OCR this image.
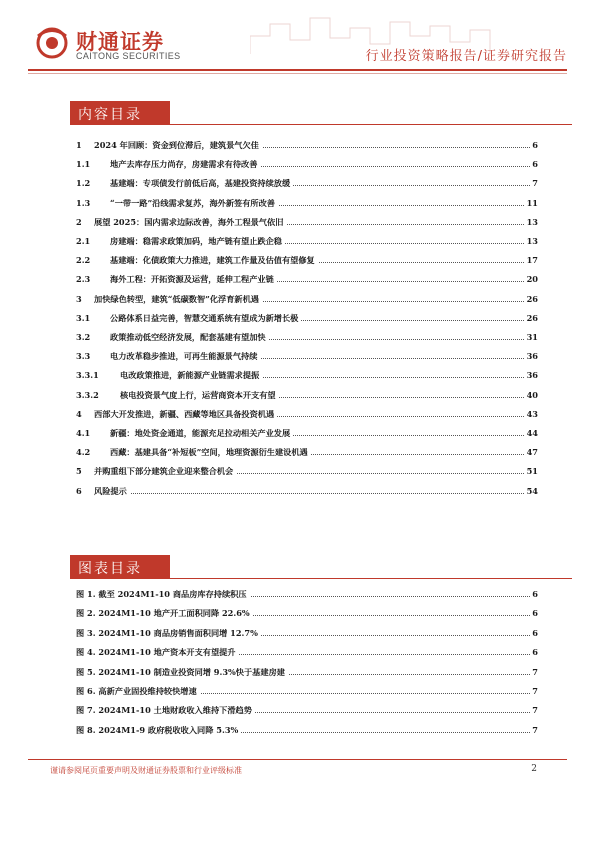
财通证券
CAITONG SECURITIES	行业投资策略报告/证券研究报告
内容目录
1 2024 年回顾：资金到位滞后，建筑景气欠佳	6
1.1 地产去库存压力尚存，房建需求有待改善	6
1.2 基建端：专项债发行前低后高，基建投资持续放缓	7
1.3 “一带一路”沿线需求复苏，海外新签有所改善	11
2 展望 2025：国内需求边际改善，海外工程景气依旧	13
2.1 房建端：稳需求政策加码，地产链有望止跌企稳	13
2.2 基建端：化债政策大力推进，建筑工作量及估值有望修复	17
2.3 海外工程：开拓资源及运营，延伸工程产业链	20
3 加快绿色转型，建筑“低碳数智”化浮育新机遇	26
3.1 公路体系日益完善，智慧交通系统有望成为新增长极	26
3.2 政策推动低空经济发展，配套基建有望加快	31
3.3 电力改革稳步推进，可再生能源景气持续	36
3.3.1	电改政策推进，新能源产业链需求提振	36
3.3.2	核电投资景气度上行，运营商资本开支有望	40
4 西部大开发推进，新疆、西藏等地区具备投资机遇	43
4.1 新疆：地处资金通道，能源充足拉动相关产业发展	44
4.2 西藏：基建具备“补短板”空间，地理资源衍生建设机遇	47
5 并购重组下部分建筑企业迎来整合机会	51
6 风险提示	54
图表目录
图 1. 截至 2024M1-10 商品房库存持续积压	6
图 2. 2024M1-10 地产开工面积同降 22.6%	6
图 3. 2024M1-10 商品房销售面积同增 12.7%	6
图 4. 2024M1-10 地产资本开支有望提升	6
图 5. 2024M1-10 制造业投资同增 9.3%快于基建房建	7
图 6. 高新产业固投维持较快增速	7
图 7. 2024M1-10 土地财政收入维持下滑趋势	7
图 8. 2024M1-9 政府税收收入同降 5.3%	7
谨请参阅尾页重要声明及财通证券股票和行业评级标准	2
